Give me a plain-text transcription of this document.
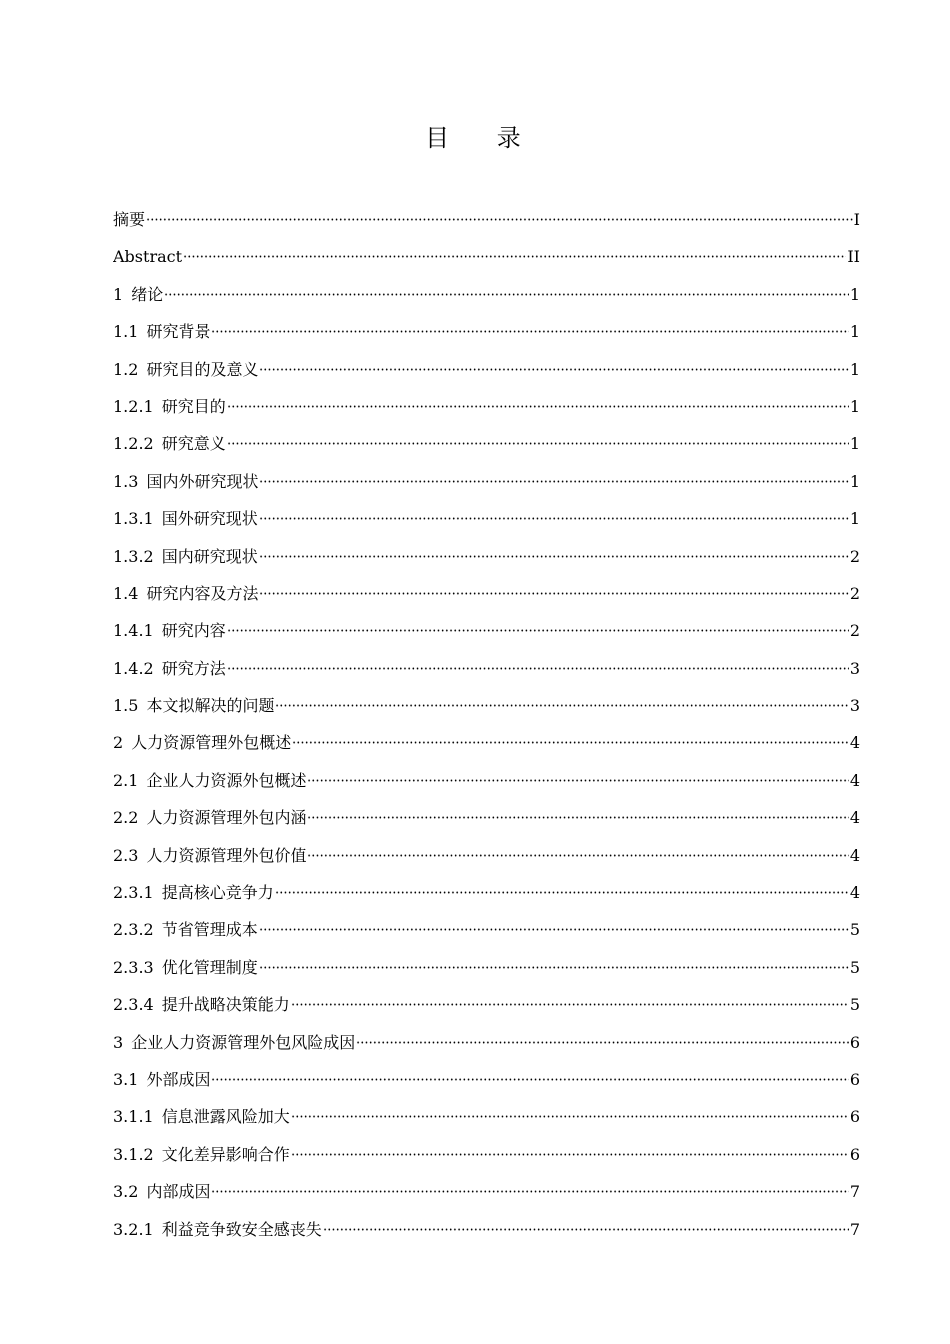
目 录
摘要	I
Abstract	II
1 绪论	1
1.1 研究背景	1
1.2 研究目的及意义	1
1.2.1 研究目的	1
1.2.2 研究意义	1
1.3 国内外研究现状	1
1.3.1 国外研究现状	1
1.3.2 国内研究现状	2
1.4 研究内容及方法	2
1.4.1 研究内容	2
1.4.2 研究方法	3
1.5 本文拟解决的问题	3
2 人力资源管理外包概述	4
2.1 企业人力资源外包概述	4
2.2 人力资源管理外包内涵	4
2.3 人力资源管理外包价值	4
2.3.1 提高核心竞争力	4
2.3.2 节省管理成本	5
2.3.3 优化管理制度	5
2.3.4 提升战略决策能力	5
3 企业人力资源管理外包风险成因	6
3.1 外部成因	6
3.1.1 信息泄露风险加大	6
3.1.2 文化差异影响合作	6
3.2 内部成因	7
3.2.1 利益竞争致安全感丧失	7
